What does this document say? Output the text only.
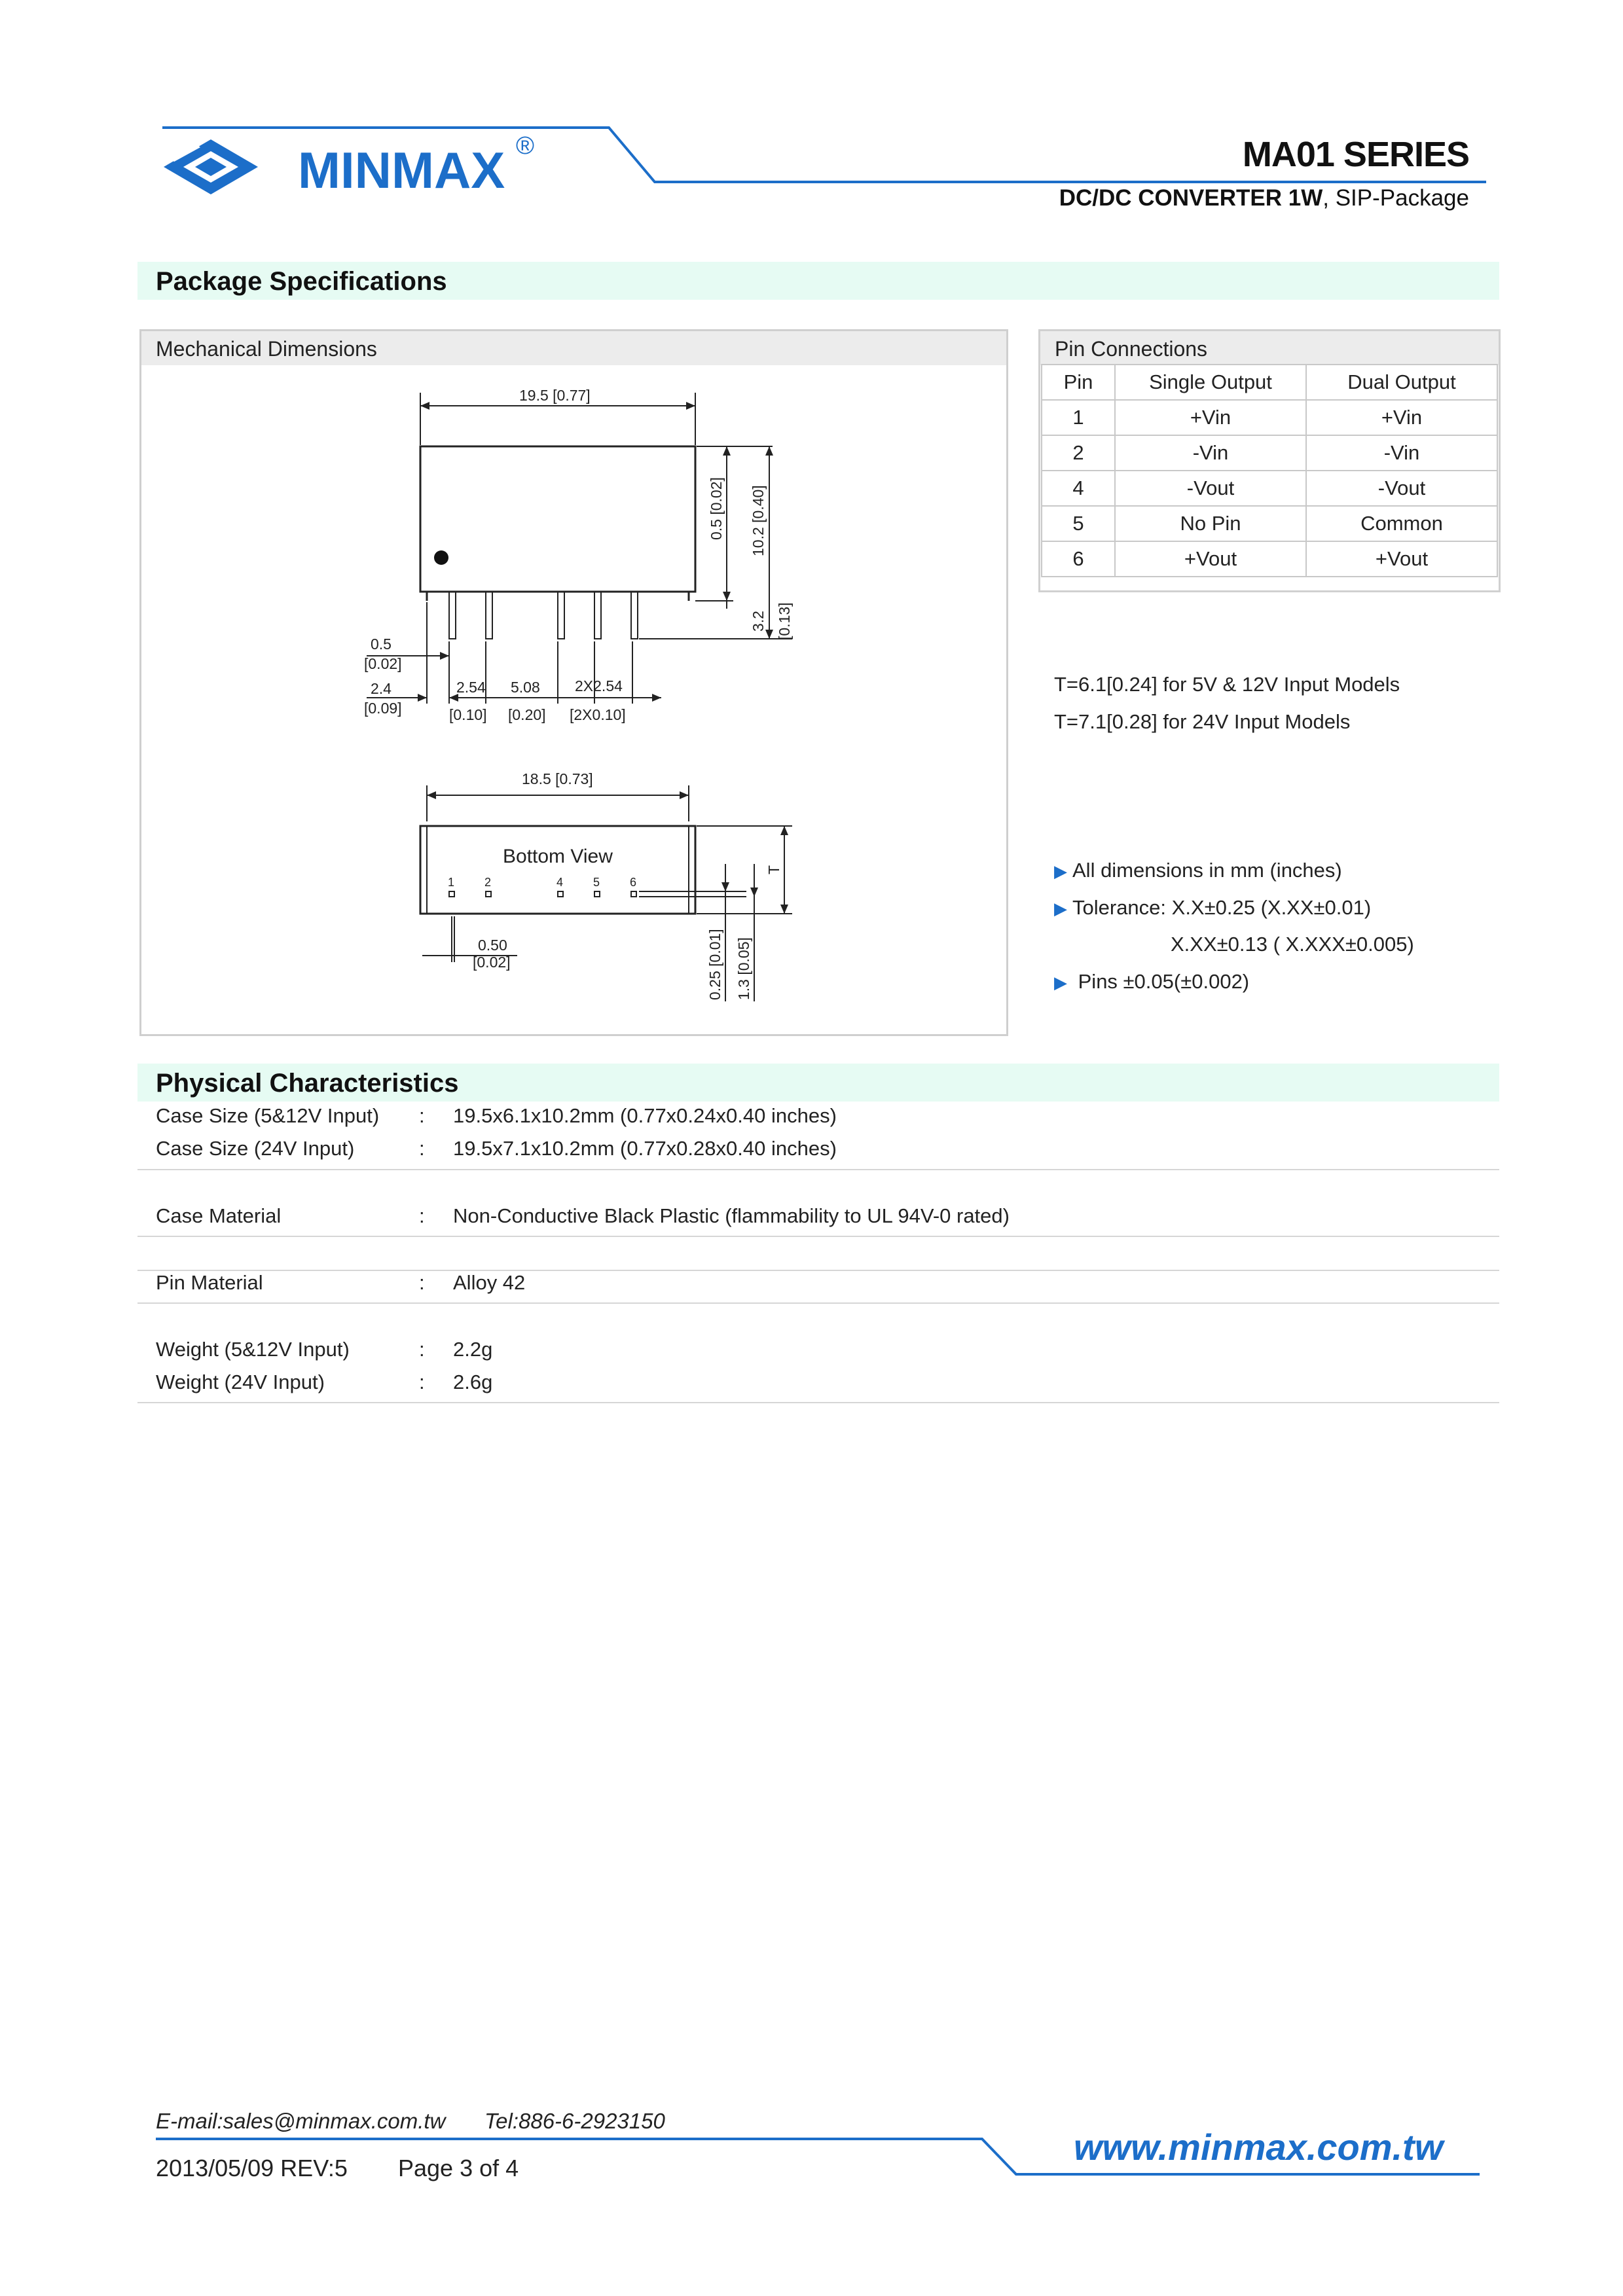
MINMAX ®	MA01 SERIES
DC/DC CONVERTER 1W, SIP-Package
Package Specifications
Mechanical Dimensions
19.5 [0.77]
0.5 [0.02] 10.2 [0.40]
3.2 [0.13]
0.5
[0.02]
2.4
[0.09]
2.54
[0.10]
5.08
[0.20]
2X2.54
[2X0.10]
18.5 [0.73]
Bottom View
1	2	4	5	6
0.50
[0.02]	0.25 [0.01] 1.3 [0.05]
T
Pin Connections
Pin	Single Output	Dual Output
1	+Vin	+Vin
2	-Vin	-Vin
4	-Vout	-Vout
5	No Pin	Common
6	+Vout	+Vout
T=6.1[0.24] for 5V & 12V Input Models
T=7.1[0.28] for 24V Input Models
▶ All dimensions in mm (inches)
▶ Tolerance: X.X±0.25 (X.XX±0.01)
X.XX±0.13 ( X.XXX±0.005)
▶ Pins ±0.05(±0.002)
Physical Characteristics
Case Size (5&12V Input) : 19.5x6.1x10.2mm (0.77x0.24x0.40 inches)
Case Size (24V Input)	: 19.5x7.1x10.2mm (0.77x0.28x0.40 inches)
Case Material	: Non-Conductive Black Plastic (flammability to UL 94V-0 rated)
Pin Material	: Alloy 42
Weight (5&12V Input)	: 2.2g
Weight (24V Input)	: 2.6g
E-mail:sales@minmax.com.tw Tel:886-6-2923150
2013/05/09 REV:5 Page 3 of 4
www.minmax.com.tw
